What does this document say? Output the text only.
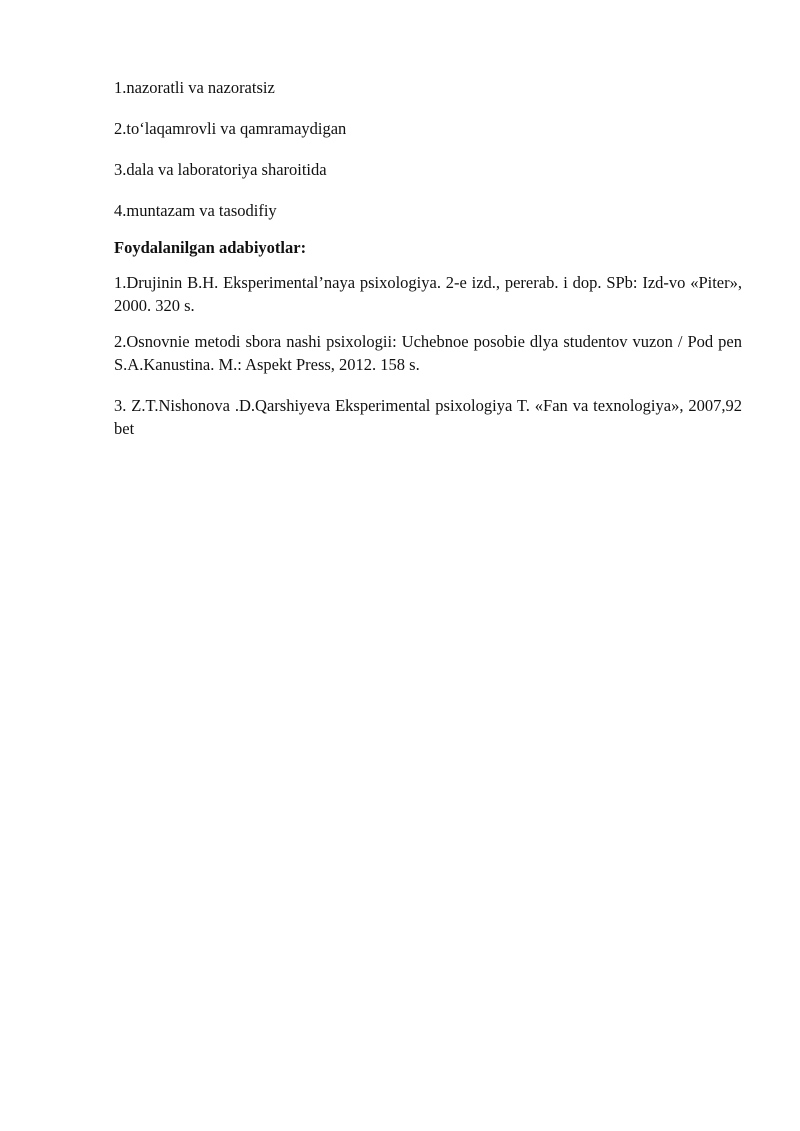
1.nazoratli va nazoratsiz

2.to‘laqamrovli va qamramaydigan

3.dala va laboratoriya sharoitida

4.muntazam va tasodifiy

Foydalanilgan adabiyotlar:

1.Drujinin B.H. Eksperimental’naya psixologiya. 2-e izd., pererab. i dop. SPb: Izd-vo «Piter», 2000. 320 s.

2.Osnovnie metodi sbora nashi psixologii: Uchebnoe posobie dlya studentov vuzon / Pod pen S.A.Kanustina. M.: Aspekt Press, 2012. 158 s.

3. Z.T.Nishonova .D.Qarshiyeva Eksperimental psixologiya T. «Fan va texnologiya», 2007,92 bet
